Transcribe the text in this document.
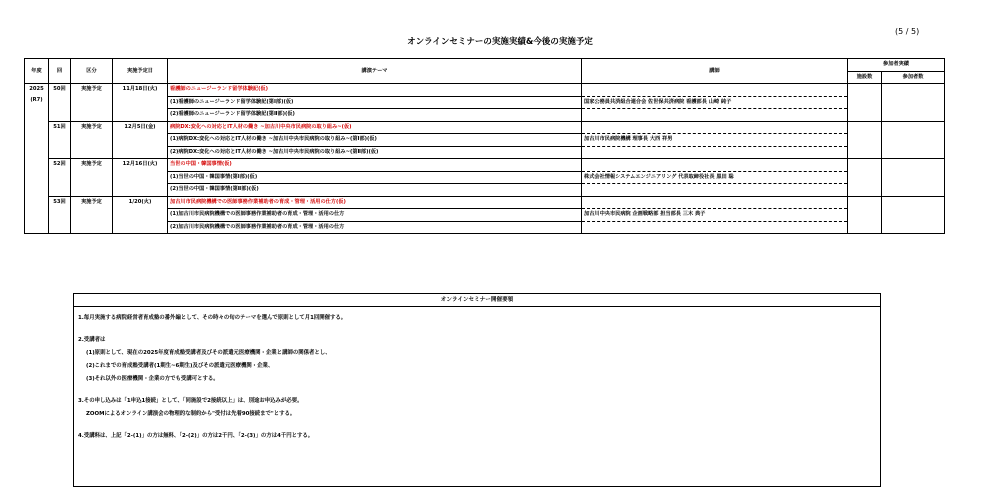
(5 / 5)
オンラインセミナーの実施実績&今後の実施予定
年度	回	区分	実施予定日	講演テーマ	講師	参加者実績	
						施設数	参加者数

2025
(R7)	50回	実施予定	11月18日(火)	看護師のニュージーランド留学体験記(仮)			
				(1)看護師のニュージーランド留学体験記(第Ⅰ部)(仮)	国家公務員共済組合連合会 佐世保共済病院 看護部長 山崎 純子		
				(2)看護師のニュージーランド留学体験記(第Ⅱ部)(仮)			
	51回	実施予定	12月5日(金)	病院DX:変化への対応とIT人材の働き ~加古川中央市民病院の取り組み~(仮)			
				(1)病院DX:変化への対応とIT人材の働き ~加古川中央市民病院の取り組み~(第Ⅰ部)(仮)	加古川市民病院機構 理事長 大西 祥男		
				(2)病院DX:変化への対応とIT人材の働き ~加古川中央市民病院の取り組み~(第Ⅱ部)(仮)			
	52回	実施予定	12月16日(火)	当世の中国・韓国事情(仮)			
				(1)当世の中国・韓国事情(第Ⅰ部)(仮)	株式会社情報システムエンジニアリング 代表取締役社長 黒田 聡		
				(2)当世の中国・韓国事情(第Ⅱ部)(仮)			
	53回	実施予定	1/20(火)	加古川市民病院機構での医師事務作業補助者の育成・管理・活用の仕方(仮)			
				(1)加古川市民病院機構での医師事務作業補助者の育成・管理・活用の仕方	加古川中央市民病院 企画戦略部 担当部長 三木 典子		
				(2)加古川市民病院機構での医師事務作業補助者の育成・管理・活用の仕方			
オンラインセミナー開催要領
1.毎月実施する病院経営者育成塾の番外編として、その時々の旬のテーマを選んで原則として月1回開催する。
2.受講者は
(1)原則として、現在の2025年度育成塾受講者及びその派遣元医療機関・企業と講師の関係者とし、
(2)これまでの育成塾受講者(1期生~6期生)及びその派遣元医療機関・企業、
(3)それ以外の医療機関・企業の方でも受講可とする。
3.その申し込みは「1申込1接続」として、「同施設で2接続以上」は、別途お申込みが必要。
ZOOMによるオンライン講演会の物理的な制約から"受付は先着90接続まで"とする。
4.受講料は、上記「2-(1)」の方は無料、「2-(2)」の方は2千円、「2-(3)」の方は4千円とする。
